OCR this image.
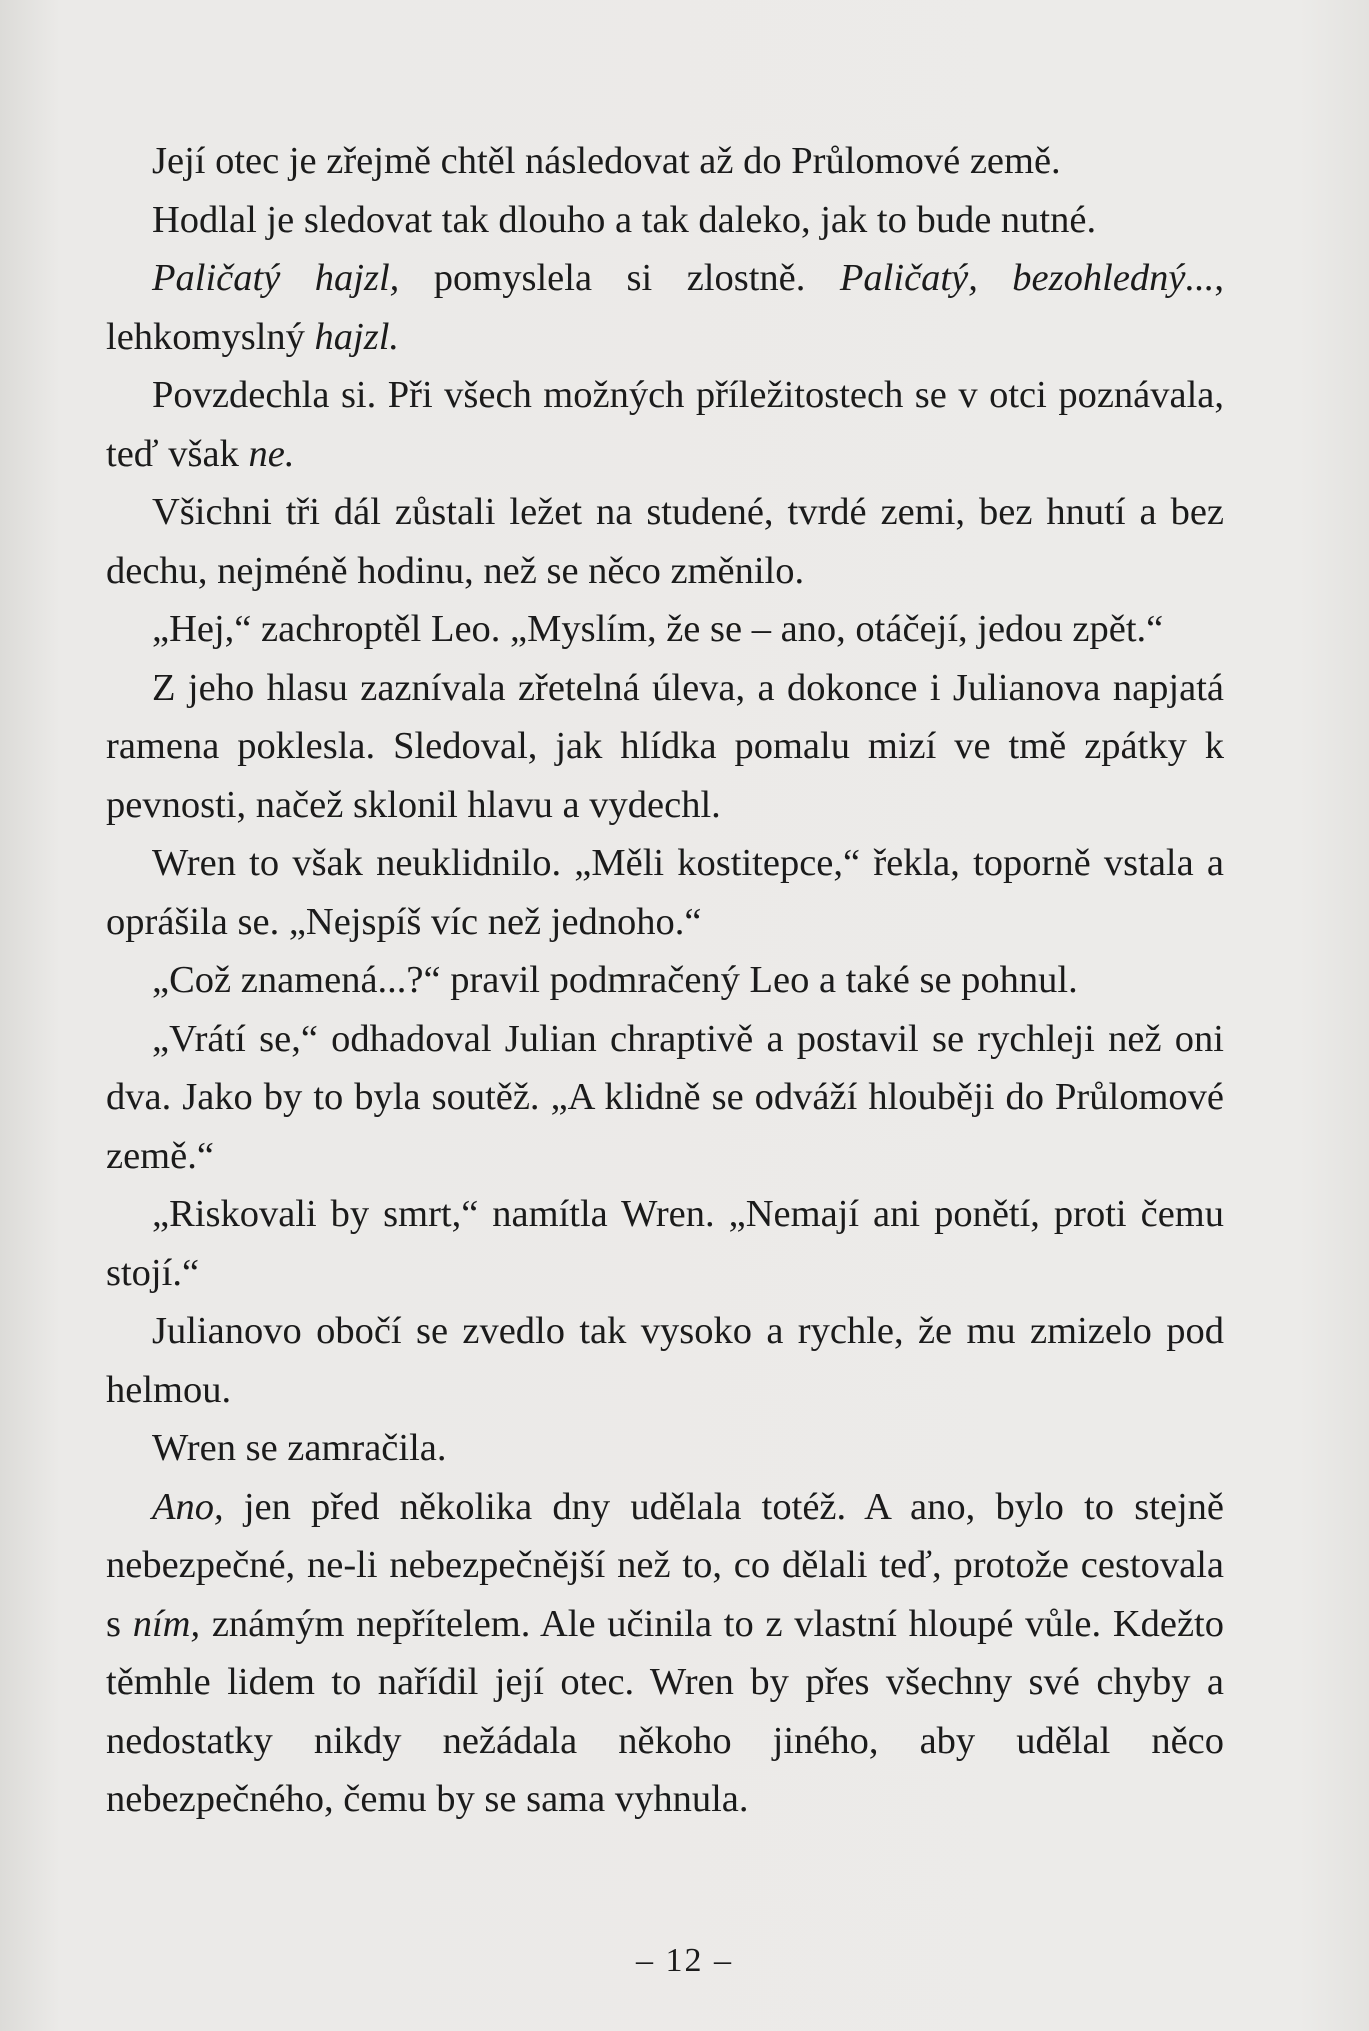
Její otec je zřejmě chtěl následovat až do Průlomové země.

Hodlal je sledovat tak dlouho a tak daleko, jak to bude nutné.

Paličatý hajzl, pomyslela si zlostně. Paličatý, bezohledný..., lehkomyslný hajzl.

Povzdechla si. Při všech možných příležitostech se v otci poznávala, teď však ne.

Všichni tři dál zůstali ležet na studené, tvrdé zemi, bez hnutí a bez dechu, nejméně hodinu, než se něco změnilo.

„Hej,“ zachroptěl Leo. „Myslím, že se – ano, otáčejí, jedou zpět.“

Z jeho hlasu zaznívala zřetelná úleva, a dokonce i Julianova napjatá ramena poklesla. Sledoval, jak hlídka pomalu mizí ve tmě zpátky k pevnosti, načež sklonil hlavu a vydechl.

Wren to však neuklidnilo. „Měli kostitepce,“ řekla, toporně vstala a oprášila se. „Nejspíš víc než jednoho.“

„Což znamená...?“ pravil podmračený Leo a také se pohnul.

„Vrátí se,“ odhadoval Julian chraptivě a postavil se rychleji než oni dva. Jako by to byla soutěž. „A klidně se odváží hlouběji do Průlomové země.“

„Riskovali by smrt,“ namítla Wren. „Nemají ani ponětí, proti čemu stojí.“

Julianovo obočí se zvedlo tak vysoko a rychle, že mu zmizelo pod helmou.

Wren se zamračila.

Ano, jen před několika dny udělala totéž. A ano, bylo to stejně nebezpečné, ne-li nebezpečnější než to, co dělali teď, protože cestovala s ním, známým nepřítelem. Ale učinila to z vlastní hloupé vůle. Kdežto těmhle lidem to nařídil její otec. Wren by přes všechny své chyby a nedostatky nikdy nežádala někoho jiného, aby udělal něco nebezpečného, čemu by se sama vyhnula.

– 12 –
